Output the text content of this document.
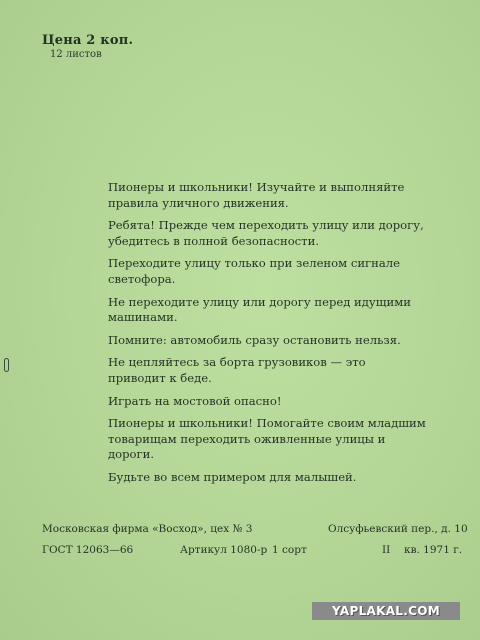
Цена 2 коп.
12 листов

Пионеры и школьники! Изучайте и выполняйте правила уличного движения.

Ребята! Прежде чем переходить улицу или дорогу, убедитесь в полной безопасности.

Переходите улицу только при зеленом сигнале светофора.

Не переходите улицу или дорогу перед идущими машинами.

Помните: автомобиль сразу остановить нельзя.

Не цепляйтесь за борта грузовиков — это приводит к беде.

Играть на мостовой опасно!

Пионеры и школьники! Помогайте своим младшим товарищам переходить оживленные улицы и дороги.

Будьте во всем примером для малышей.

Московская фирма «Восход», цех № 3	Олсуфьевский пер., д. 10
ГОСТ 12063—66	Артикул 1080-р 1 сорт	II кв. 1971 г.
YAPLAKAL.COM
